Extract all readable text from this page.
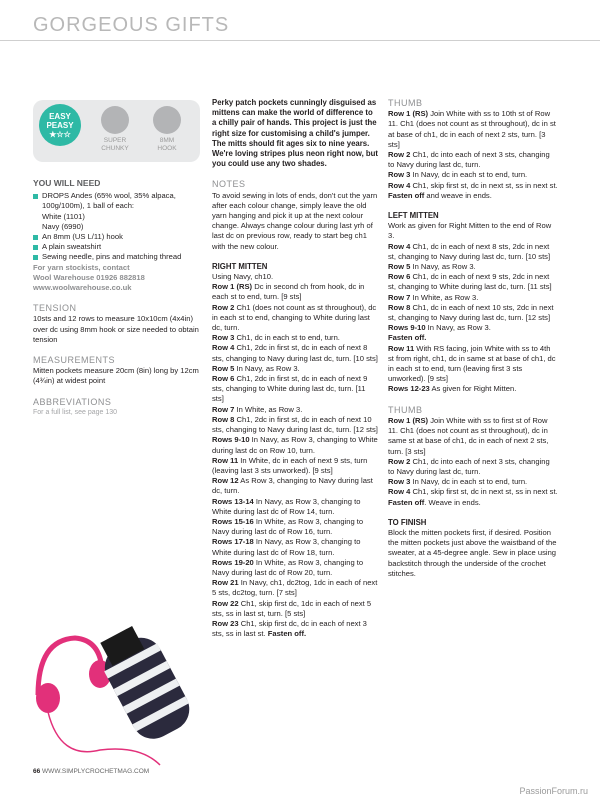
GORGEOUS GIFTS
EASY
PEASY
★☆☆
SUPER
CHUNKY
8MM
HOOK

YOU WILL NEED

DROPS Andes (65% wool, 35% alpaca, 100g/100m), 1 ball of each:
White (1101)
Navy (6990)
An 8mm (US L/11) hook
A plain sweatshirt
Sewing needle, pins and matching thread

For yarn stockists, contact

Wool Warehouse 01926 882818

www.woolwarehouse.co.uk

TENSION

10sts and 12 rows to measure 10x10cm (4x4in) over dc using 8mm hook or size needed to obtain tension

MEASUREMENTS

Mitten pockets measure 20cm (8in) long by 12cm (4¾in) at widest point

ABBREVIATIONS

For a full list, see page 130

Perky patch pockets cunningly disguised as mittens can make the world of difference to a chilly pair of hands. This project is just the right size for customising a child's jumper. The mitts should fit ages six to nine years. We're loving stripes plus neon right now, but you could use any two shades.

NOTES

To avoid sewing in lots of ends, don't cut the yarn after each colour change, simply leave the old yarn hanging and pick it up at the next colour change. Always change colour during last yrh of last dc on previous row, ready to start beg ch1 with the new colour.

RIGHT MITTEN

Using Navy, ch10.

Row 1 (RS) Dc in second ch from hook, dc in each st to end, turn. [9 sts]

Row 2 Ch1 (does not count as st throughout), dc in each st to end, changing to White during last dc, turn.

Row 3 Ch1, dc in each st to end, turn.

Row 4 Ch1, 2dc in first st, dc in each of next 8 sts, changing to Navy during last dc, turn. [10 sts]

Row 5 In Navy, as Row 3.

Row 6 Ch1, 2dc in first st, dc in each of next 9 sts, changing to White during last dc, turn. [11 sts]

Row 7 In White, as Row 3.

Row 8 Ch1, 2dc in first st, dc in each of next 10 sts, changing to Navy during last dc, turn. [12 sts]

Rows 9-10 In Navy, as Row 3, changing to White during last dc on Row 10, turn.

Row 11 In White, dc in each of next 9 sts, turn (leaving last 3 sts unworked). [9 sts]

Row 12 As Row 3, changing to Navy during last dc, turn.

Rows 13-14 In Navy, as Row 3, changing to White during last dc of Row 14, turn.

Rows 15-16 In White, as Row 3, changing to Navy during last dc of Row 16, turn.

Rows 17-18 In Navy, as Row 3, changing to White during last dc of Row 18, turn.

Rows 19-20 In White, as Row 3, changing to Navy during last dc of Row 20, turn.

Row 21 In Navy, ch1, dc2tog, 1dc in each of next 5 sts, dc2tog, turn. [7 sts]

Row 22 Ch1, skip first dc, 1dc in each of next 5 sts, ss in last st, turn. [5 sts]

Row 23 Ch1, skip first dc, dc in each of next 3 sts, ss in last st. Fasten off.

THUMB

Row 1 (RS) Join White with ss to 10th st of Row 11. Ch1 (does not count as st throughout), dc in st at base of ch1, dc in each of next 2 sts, turn. [3 sts]

Row 2 Ch1, dc into each of next 3 sts, changing to Navy during last dc, turn.

Row 3 In Navy, dc in each st to end, turn.

Row 4 Ch1, skip first st, dc in next st, ss in next st.

Fasten off and weave in ends.

LEFT MITTEN

Work as given for Right Mitten to the end of Row 3.

Row 4 Ch1, dc in each of next 8 sts, 2dc in next st, changing to Navy during last dc, turn. [10 sts]

Row 5 In Navy, as Row 3.

Row 6 Ch1, dc in each of next 9 sts, 2dc in next st, changing to White during last dc, turn. [11 sts]

Row 7 In White, as Row 3.

Row 8 Ch1, dc in each of next 10 sts, 2dc in next st, changing to Navy during last dc, turn. [12 sts]

Rows 9-10 In Navy, as Row 3.

Fasten off.

Row 11 With RS facing, join White with ss to 4th st from right, ch1, dc in same st at base of ch1, dc in each st to end, turn (leaving first 3 sts unworked). [9 sts]

Rows 12-23 As given for Right Mitten.

THUMB

Row 1 (RS) Join White with ss to first st of Row 11. Ch1 (does not count as st throughout), dc in same st at base of ch1, dc in each of next 2 sts, turn. [3 sts]

Row 2 Ch1, dc into each of next 3 sts, changing to Navy during last dc, turn.

Row 3 In Navy, dc in each st to end, turn.

Row 4 Ch1, skip first st, dc in next st, ss in next st.

Fasten off. Weave in ends.

TO FINISH

Block the mitten pockets first, if desired. Position the mitten pockets just above the waistband of the sweater, at a 45-degree angle. Sew in place using backstitch through the underside of the crochet stitches.

66 WWW.SIMPLYCROCHETMAG.COM
PassionForum.ru
